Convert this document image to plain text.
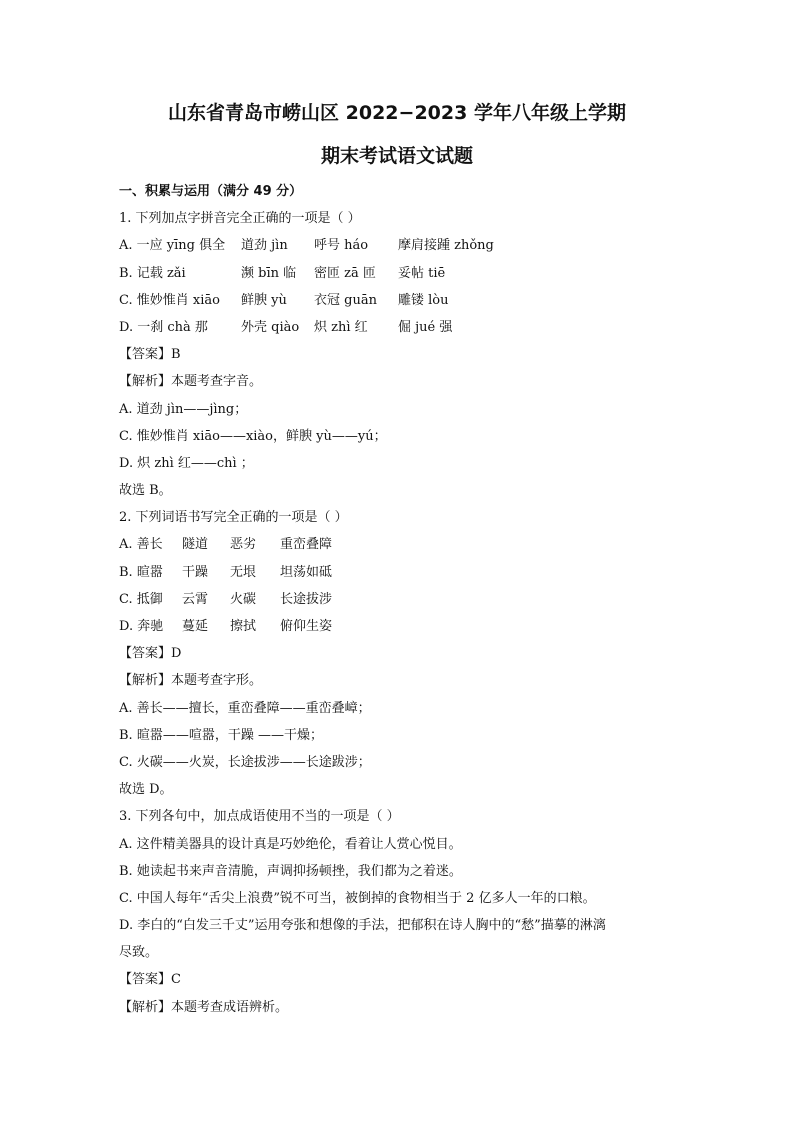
山东省青岛市崂山区 2022−2023 学年八年级上学期
期末考试语文试题
一、积累与运用（满分 49 分）
1. 下列加点字拼音完全正确的一项是（ ）
A. 一应 yīng 俱全 道劲 jìn 呼号 háo 摩肩接踵 zhǒng
B. 记载 zǎi	濒 bīn 临 密匝 zā 匝 妥帖 tiē
C. 惟妙惟肖 xiāo 鲜腴 yù 衣冠 guān 雕镂 lòu
D. 一刹 chà 那	外壳 qiào 炽 zhì 红 倔 jué 强
【答案】B
【解析】本题考查字音。
A. 道劲 jìn——jìng；
C. 惟妙惟肖 xiāo——xiào，鲜腴 yù——yú；
D. 炽 zhì 红——chì ；
故选 B。
2. 下列词语书写完全正确的一项是（ ）
A. 善长 隧道 恶劣 重峦叠障
B. 暄嚣 干躁 无垠 坦荡如砥
C. 抵御 云霄 火碳 长途拔涉
D. 奔驰 蔓延 擦拭 俯仰生姿
【答案】D
【解析】本题考查字形。
A. 善长——擅长，重峦叠障——重峦叠嶂；
B. 暄嚣——喧嚣，干躁 ——干燥；
C. 火碳——火炭，长途拔涉——长途跋涉；
故选 D。
3. 下列各句中，加点成语使用不当的一项是（ ）
A. 这件精美器具的设计真是巧妙绝伦，看着让人赏心悦目。
B. 她读起书来声音清脆，声调抑扬顿挫，我们都为之着迷。
C. 中国人每年“舌尖上浪费”锐不可当，被倒掉的食物相当于 2 亿多人一年的口粮。
D. 李白的“白发三千丈”运用夸张和想像的手法，把郁积在诗人胸中的“愁”描摹的淋漓
尽致。
【答案】C
【解析】本题考查成语辨析。
